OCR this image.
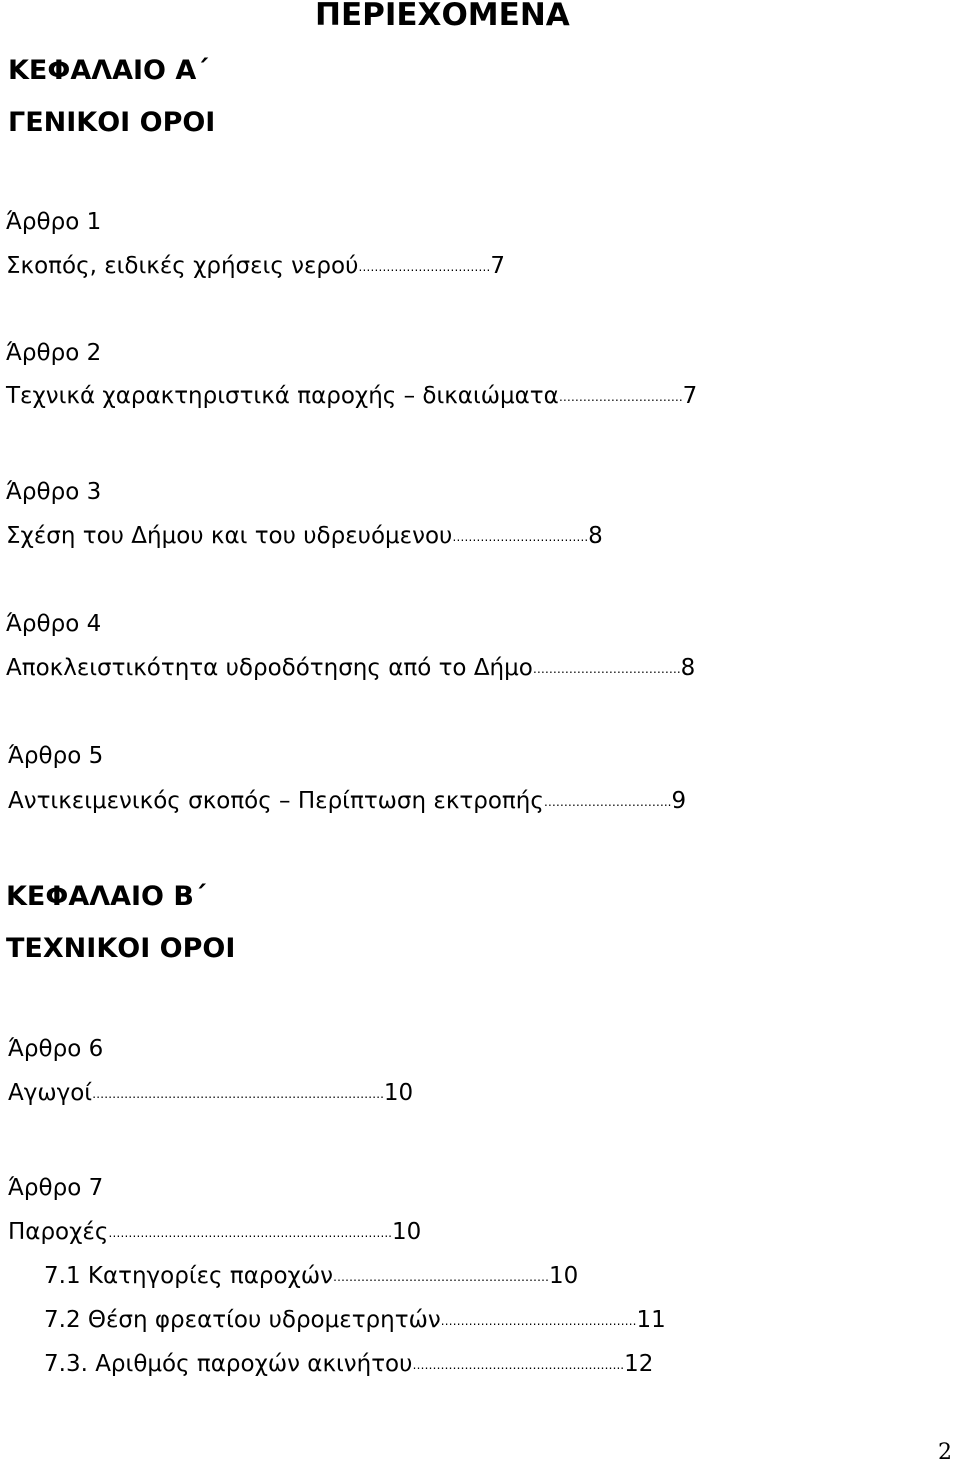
ΠΕΡΙΕΧΟΜΕΝΑ
ΚΕΦΑΛΑΙΟ Α΄
ΓΕΝΙΚΟΙ ΟΡΟΙ
Άρθρο 1
Σκοπός, ειδικές χρήσεις νερού……………………………7
Άρθρο 2
Τεχνικά χαρακτηριστικά παροχής – δικαιώματα………………………….7
Άρθρο 3
Σχέση του Δήμου και του υδρευόμενου…………………………….8
Άρθρο 4
Αποκλειστικότητα υδροδότησης από το Δήμο……………………………….8
Άρθρο 5
Αντικειμενικός σκοπός – Περίπτωση εκτροπής…………………………..9
ΚΕΦΑΛΑΙΟ Β΄
ΤΕΧΝΙΚΟΙ ΟΡΟΙ
Άρθρο 6
Αγωγοί……………………………………………………………….10
Άρθρο 7
Παροχές……………………………………………………………..10
7.1 Κατηγορίες παροχών………………………………………………10
7.2 Θέση φρεατίου υδρομετρητών………………………………………….11
7.3. Αριθμός παροχών ακινήτου……………………………………………..12
2
